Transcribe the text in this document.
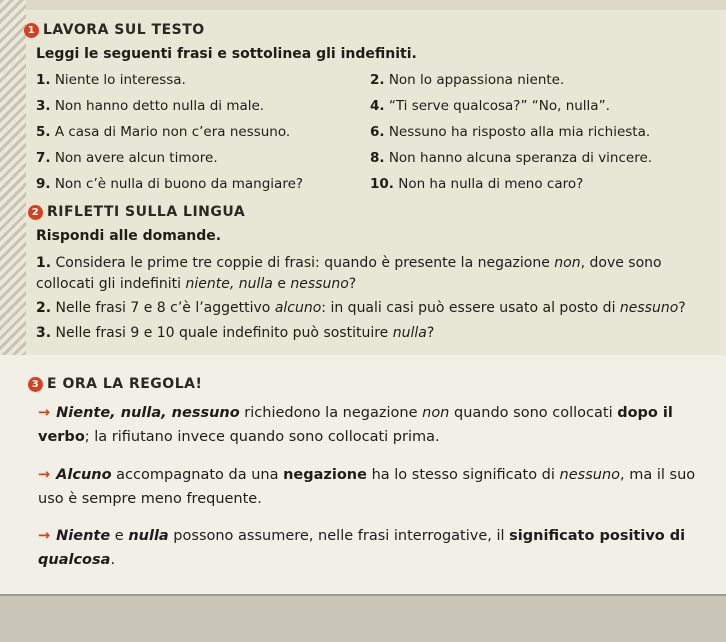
1 LAVORA SUL TESTO
Leggi le seguenti frasi e sottolinea gli indefiniti.
1. Niente lo interessa.	2. Non lo appassiona niente.
3. Non hanno detto nulla di male.	4. “Ti serve qualcosa?” “No, nulla”.
5. A casa di Mario non c’era nessuno.	6. Nessuno ha risposto alla mia richiesta.
7. Non avere alcun timore.	8. Non hanno alcuna speranza di vincere.
9. Non c’è nulla di buono da mangiare?	10. Non ha nulla di meno caro?
2 RIFLETTI SULLA LINGUA
Rispondi alle domande.
1. Considera le prime tre coppie di frasi: quando è presente la negazione non, dove sono collocati gli indefiniti niente, nulla e nessuno?
2. Nelle frasi 7 e 8 c’è l’aggettivo alcuno: in quali casi può essere usato al posto di nessuno?
3. Nelle frasi 9 e 10 quale indefinito può sostituire nulla?
3 E ORA LA REGOLA!
→ Niente, nulla, nessuno richiedono la negazione non quando sono collocati dopo il verbo; la rifiutano invece quando sono collocati prima.
→ Alcuno accompagnato da una negazione ha lo stesso significato di nessuno, ma il suo uso è sempre meno frequente.
→ Niente e nulla possono assumere, nelle frasi interrogative, il significato positivo di qualcosa.
